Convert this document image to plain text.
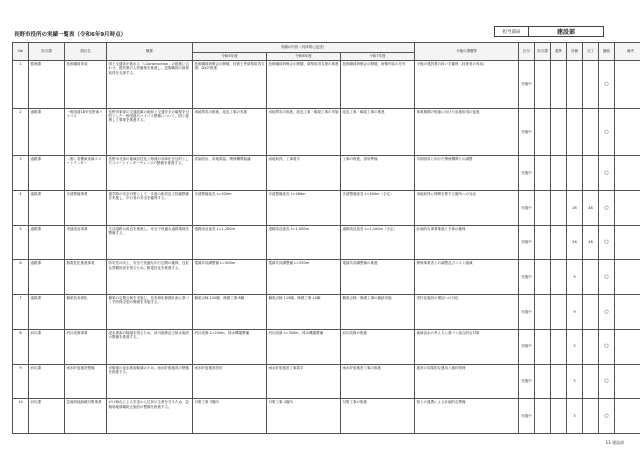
長野市役所の実績一覧表（令和6年9月時点）	担当部局	建設部
No	担当課	項目名	概要	実績の内容（具体的に記述）			今後の課題等	区分	担当課	進捗	評価	完了	継続	備考
				令和5年度	令和6年度	令和7年度								
1	監理課	技術職員育成	国土交通省が進める「i-Construction」の推進に合わせ、建設業の人材確保を推進し、技術職員の資格取得を支援する。	技術職員研修会の開催、技術士等資格取得支援、DXの推進	技術職員研修会の開催、資格取得支援の推進	技術職員研修会の開催、研修内容の充実	今後の建設業の担い手確保（技術者の育成）	実施中					○	
2	道路課	一般国道18号長野東バイパス	長野市東部の交通混雑の緩和と交通安全の確保を目的とした一般国道のバイパス整備について、国と連携して事業を推進する。	用地買収の推進、改良工事の実施	用地買収の推進、改良工事・橋梁工事の実施	改良工事・橋梁工事の推進	事業期間の短縮に向けた用地取得の促進	実施中					○	
3	道路課	（都）若槻東条線スマートインター	長野市北部の地域活性化と物流の効率化を目的としたスマートインターチェンジの整備を推進する。	詳細設計、用地測量、関係機関協議	用地取得、工事着手	工事の推進、供用準備	早期供用に向けた関係機関との調整	実施中					○	
4	道路課	歩道整備事業	通学路の安全対策として、歩道の新設及び拡幅整備を実施し、歩行者の安全を確保する。	歩道整備延長 L=520m	歩道整備延長 L=480m	歩道整備延長 L=500m（予定）	用地取得に時間を要する箇所への対応	実施中			26	48	○	
5	道路課	市道改良事業	生活道路の改良を推進し、安全で快適な道路環境を整備する。	道路改良延長 L=1,200m	道路改良延長 L=1,050m	道路改良延長 L=1,100m（予定）	計画的な事業推進と予算の確保	実施中			26	48	○	
6	道路課	無電柱化推進事業	防災性の向上、安全で快適な歩行空間の確保、良好な景観形成を図るため、無電柱化を推進する。	電線共同溝整備 L=300m	電線共同溝整備 L=350m	電線共同溝整備の推進	関係事業者との調整及びコスト縮減	実施中			9		○	
7	道路課	橋梁長寿命化	橋梁の定期点検を実施し、長寿命化修繕計画に基づく予防保全型の修繕を実施する。	橋梁点検 120橋、修繕工事 8橋	橋梁点検 115橋、修繕工事 10橋	橋梁点検・修繕工事の継続実施	老朽化施設の増加への対応	実施中			9		○	
8	河川課	河川改修事業	浸水被害の軽減を図るため、河川改修及び排水施設の整備を推進する。	河川改修 L=250m、排水機場整備	河川改修 L=300m、排水機場整備	河川改修の推進	流域治水の考え方に基づく総合的な対策	実施中			3		○	
9	河川課	雨水貯留施設整備	市街地の浸水被害軽減のため、雨水貯留施設の整備を推進する。	雨水貯留施設設計	雨水貯留施設工事着手	雨水貯留施設工事の推進	施設の効果的な運用と維持管理	実施中			3		○	
10	河川課	急傾斜地崩壊対策事業	がけ崩れによる災害から住民の生命を守るため、急傾斜地崩壊防止施設の整備を推進する。	対策工事 3箇所	対策工事 4箇所	対策工事の推進	県との連携による計画的な整備	実施中			3		○	
13 建設部
